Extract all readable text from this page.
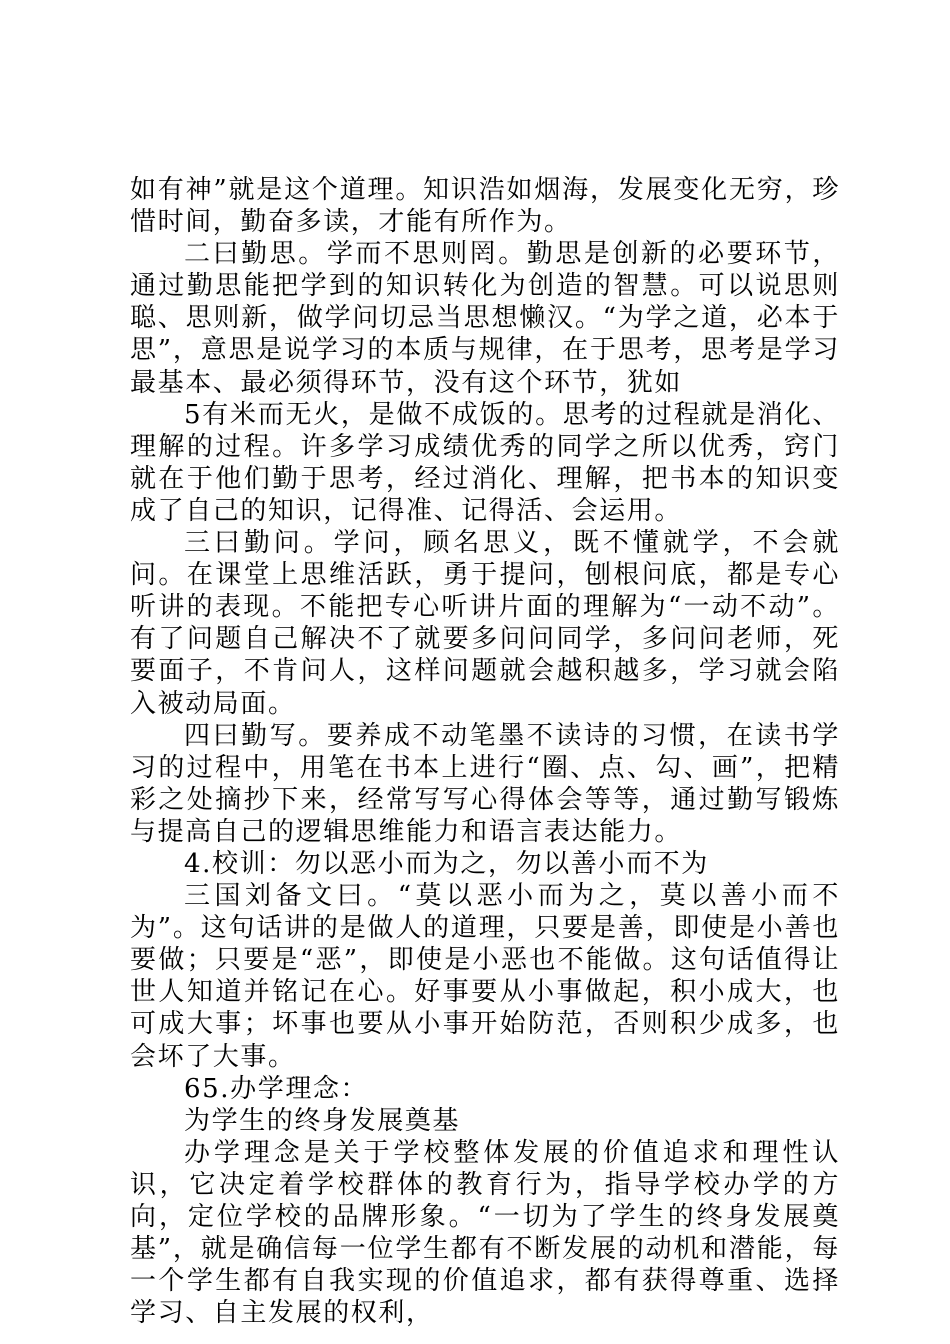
如有神”就是这个道理。知识浩如烟海，发展变化无穷，珍惜时间，勤奋多读，才能有所作为。

二曰勤思。学而不思则罔。勤思是创新的必要环节，通过勤思能把学到的知识转化为创造的智慧。可以说思则聪、思则新，做学问切忌当思想懒汉。“为学之道，必本于思”，意思是说学习的本质与规律，在于思考，思考是学习最基本、最必须得环节，没有这个环节，犹如

5有米而无火，是做不成饭的。思考的过程就是消化、理解的过程。许多学习成绩优秀的同学之所以优秀，窍门就在于他们勤于思考，经过消化、理解，把书本的知识变成了自己的知识，记得准、记得活、会运用。

三曰勤问。学问，顾名思义，既不懂就学，不会就问。在课堂上思维活跃，勇于提问，刨根问底，都是专心听讲的表现。不能把专心听讲片面的理解为“一动不动”。有了问题自己解决不了就要多问问同学，多问问老师，死要面子，不肯问人，这样问题就会越积越多，学习就会陷入被动局面。

四曰勤写。要养成不动笔墨不读诗的习惯，在读书学习的过程中，用笔在书本上进行“圈、点、勾、画”，把精彩之处摘抄下来，经常写写心得体会等等，通过勤写锻炼与提高自己的逻辑思维能力和语言表达能力。

4.校训：勿以恶小而为之，勿以善小而不为

三国刘备文曰。“莫以恶小而为之，莫以善小而不为”。这句话讲的是做人的道理，只要是善，即使是小善也要做；只要是“恶”，即使是小恶也不能做。这句话值得让世人知道并铭记在心。好事要从小事做起，积小成大，也可成大事；坏事也要从小事开始防范，否则积少成多，也会坏了大事。

65.办学理念：

为学生的终身发展奠基

办学理念是关于学校整体发展的价值追求和理性认识，它决定着学校群体的教育行为，指导学校办学的方向，定位学校的品牌形象。“一切为了学生的终身发展奠基”，就是确信每一位学生都有不断发展的动机和潜能，每一个学生都有自我实现的价值追求，都有获得尊重、选择学习、自主发展的权利，
